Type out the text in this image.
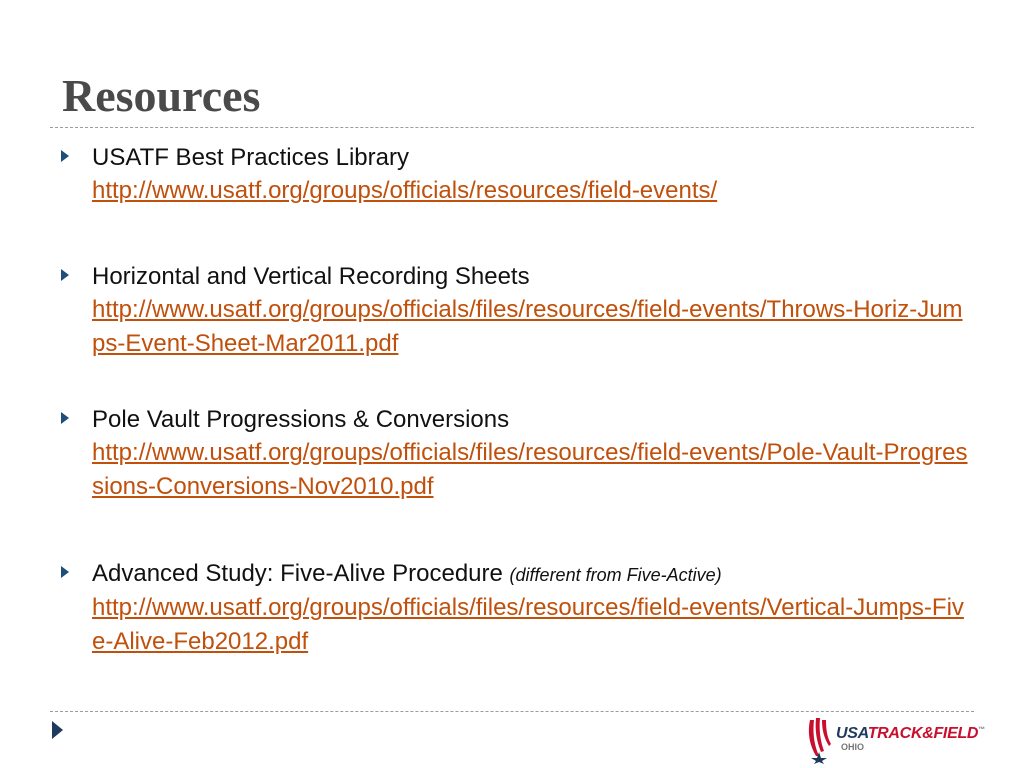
Resources
USATF Best Practices Library
http://www.usatf.org/groups/officials/resources/field-events/
Horizontal and Vertical Recording Sheets
http://www.usatf.org/groups/officials/files/resources/field-events/Throws-Horiz-Jumps-Event-Sheet-Mar2011.pdf
Pole Vault Progressions & Conversions
http://www.usatf.org/groups/officials/files/resources/field-events/Pole-Vault-Progressions-Conversions-Nov2010.pdf
Advanced Study: Five-Alive Procedure (different from Five-Active)
http://www.usatf.org/groups/officials/files/resources/field-events/Vertical-Jumps-Five-Alive-Feb2012.pdf
USATRACK&FIELD™
OHIO
